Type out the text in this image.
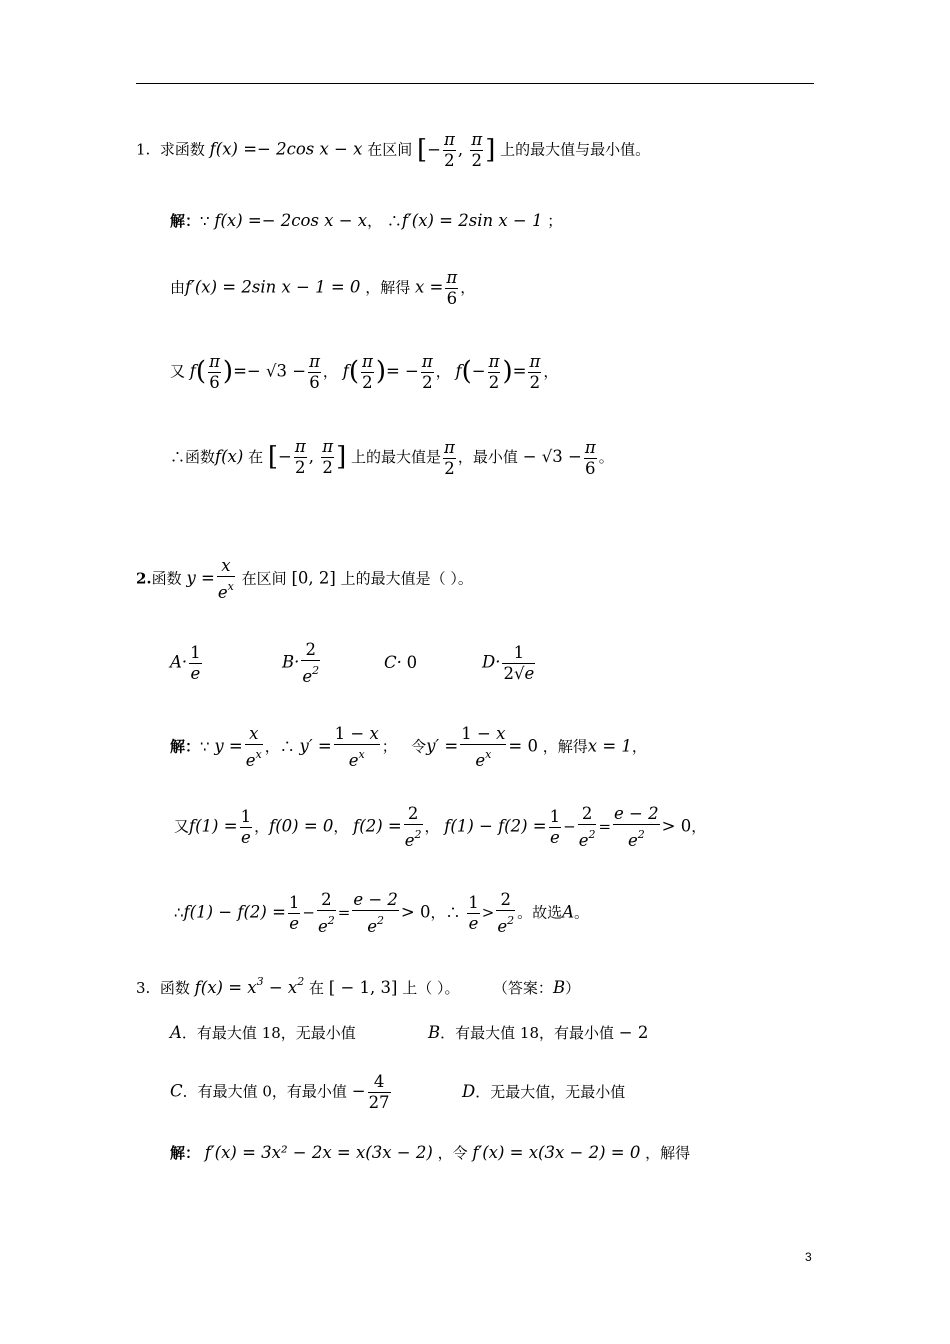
1. 求函数 f(x) =− 2cos x − x 在区间 [− $\frac{\pi}{2}$ , $\frac{\pi}{2}$ ] 上的最大值与最小值。
解：∵ f(x) =− 2cos x − x， ∴f′(x) = 2sin x − 1 ；
由f′(x) = 2sin x − 1 = 0 ，解得 $x = \frac{\pi}{6}$ ，
又 $f( \frac{\pi}{6}$ )=− $√3 - \frac{\pi}{6}$ ， $f( \frac{\pi}{2}$ )= − $\frac{\pi}{2}$ ， $f(- \frac{\pi}{2}$ )= $\frac{\pi}{2}$ ，
∴函数f(x) 在 [− $\frac{\pi}{2}$ , $\frac{\pi}{2}$ ] 上的最大值是 $\frac{\pi}{2}$ ，最小值 − $√3 - \frac{\pi}{6}$ 。
2.函数 $y = \frac{x}{e^x}$ 在区间 [0, 2] 上的最大值是（ ）。
$A\cdot \frac{1}{e}$	$B\cdot \frac{2}{e^2}$	C· 0	$D\cdot \frac{1}{2√e}$
解：∵ $y = \frac{x}{e^x}$ ，∴ $y' = \frac{1 - x}{e^x}$ ；   令$y' = \frac{1 - x}{e^x} = 0$ ，解得x = 1，
又$f(1) = \frac{1}{e}$ ，f(0) = 0， $f(2) = \frac{2}{e^2}$ ， $f(1) - f(2) = \frac{1}{e} - \frac{2}{e^2} = \frac{e - 2}{e^2} > 0$，
∴f(1) − $f(2) = \frac{1}{e} - \frac{2}{e^2} = \frac{e - 2}{e^2} > 0$，∴ $\frac{1}{e} > \frac{2}{e^2}$ 。故选A。
3. 函数 $f(x) = x^3 - x^2$ 在 [ − 1, 3] 上（ ）。 （答案：B）
A．有最大值 18，无最小值	B．有最大值 18，有最小值 − 2
C．有最大值 0，有最小值 − $\frac{4}{27}$	D．无最大值，无最小值
解： f′(x) = 3x² − 2x = x(3x − 2) ，令 f′(x) = x(3x − 2) = 0 ，解得
3
